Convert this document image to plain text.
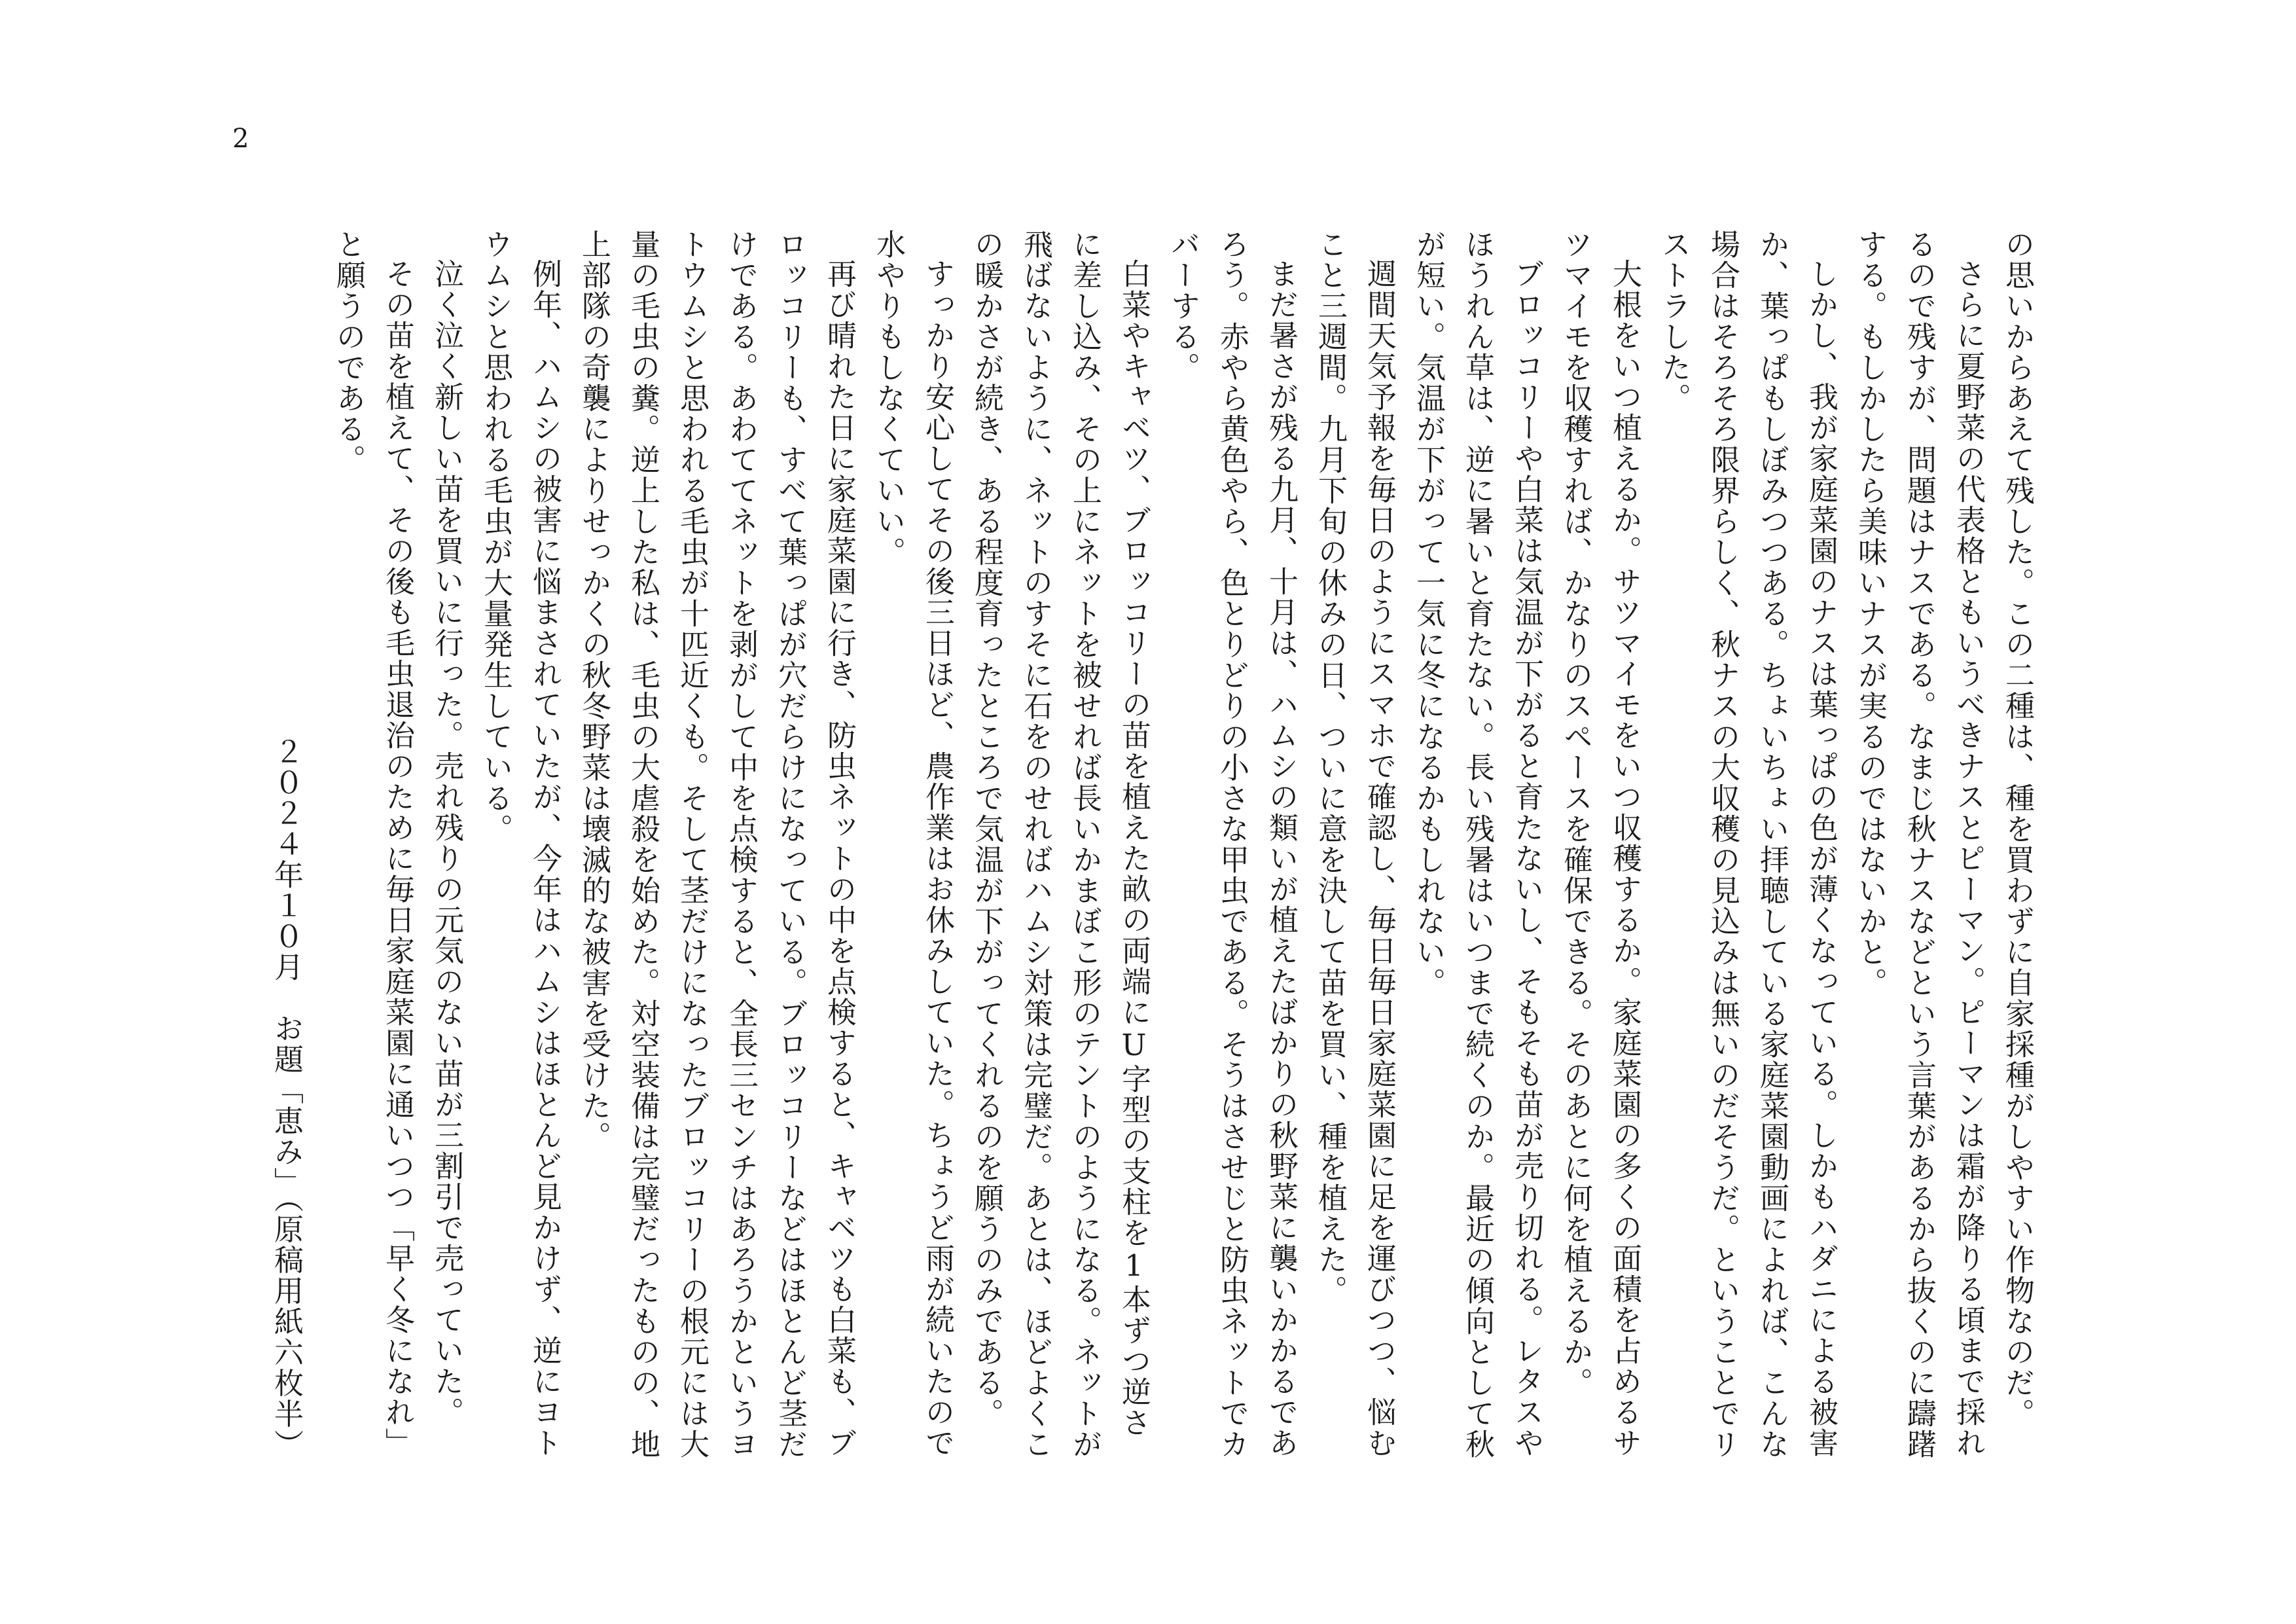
2

の思いからあえて残した。この二種は、種を買わずに自家採種がしやすい作物なのだ。

さらに夏野菜の代表格ともいうべきナスとピーマン。ピーマンは霜が降りる頃まで採れるので残すが、問題はナスである。なまじ秋ナスなどという言葉があるから抜くのに躊躇する。もしかしたら美味いナスが実るのではないかと。

しかし、我が家庭菜園のナスは葉っぱの色が薄くなっている。しかもハダニによる被害か、葉っぱもしぼみつつある。ちょいちょい拝聴している家庭菜園動画によれば、こんな場合はそろそろ限界らしく、秋ナスの大収穫の見込みは無いのだそうだ。ということでリストラした。

大根をいつ植えるか。サツマイモをいつ収穫するか。家庭菜園の多くの面積を占めるサツマイモを収穫すれば、かなりのスペースを確保できる。そのあとに何を植えるか。

ブロッコリーや白菜は気温が下がると育たないし、そもそも苗が売り切れる。レタスやほうれん草は、逆に暑いと育たない。長い残暑はいつまで続くのか。最近の傾向として秋が短い。気温が下がって一気に冬になるかもしれない。

週間天気予報を毎日のようにスマホで確認し、毎日毎日家庭菜園に足を運びつつ、悩むこと三週間。九月下旬の休みの日、ついに意を決して苗を買い、種を植えた。

まだ暑さが残る九月、十月は、ハムシの類いが植えたばかりの秋野菜に襲いかかるであろう。赤やら黄色やら、色とりどりの小さな甲虫である。そうはさせじと防虫ネットでカバーする。

白菜やキャベツ、ブロッコリーの苗を植えた畝の両端にU字型の支柱を1本ずつ逆さに差し込み、その上にネットを被せれば長いかまぼこ形のテントのようになる。ネットが飛ばないように、ネットのすそに石をのせればハムシ対策は完璧だ。あとは、ほどよくこの暖かさが続き、ある程度育ったところで気温が下がってくれるのを願うのみである。

すっかり安心してその後三日ほど、農作業はお休みしていた。ちょうど雨が続いたので水やりもしなくていい。

再び晴れた日に家庭菜園に行き、防虫ネットの中を点検すると、キャベツも白菜も、ブロッコリーも、すべて葉っぱが穴だらけになっている。ブロッコリーなどはほとんど茎だけである。あわててネットを剥がして中を点検すると、全長三センチはあろうかというヨトウムシと思われる毛虫が十匹近くも。そして茎だけになったブロッコリーの根元には大量の毛虫の糞。逆上した私は、毛虫の大虐殺を始めた。対空装備は完璧だったものの、地上部隊の奇襲によりせっかくの秋冬野菜は壊滅的な被害を受けた。

例年、ハムシの被害に悩まされていたが、今年はハムシはほとんど見かけず、逆にヨトウムシと思われる毛虫が大量発生している。

泣く泣く新しい苗を買いに行った。売れ残りの元気のない苗が三割引で売っていた。

その苗を植えて、その後も毛虫退治のために毎日家庭菜園に通いつつ「早く冬になれ」と願うのである。

２０２４年１０月　お題「恵み」（原稿用紙六枚半）
